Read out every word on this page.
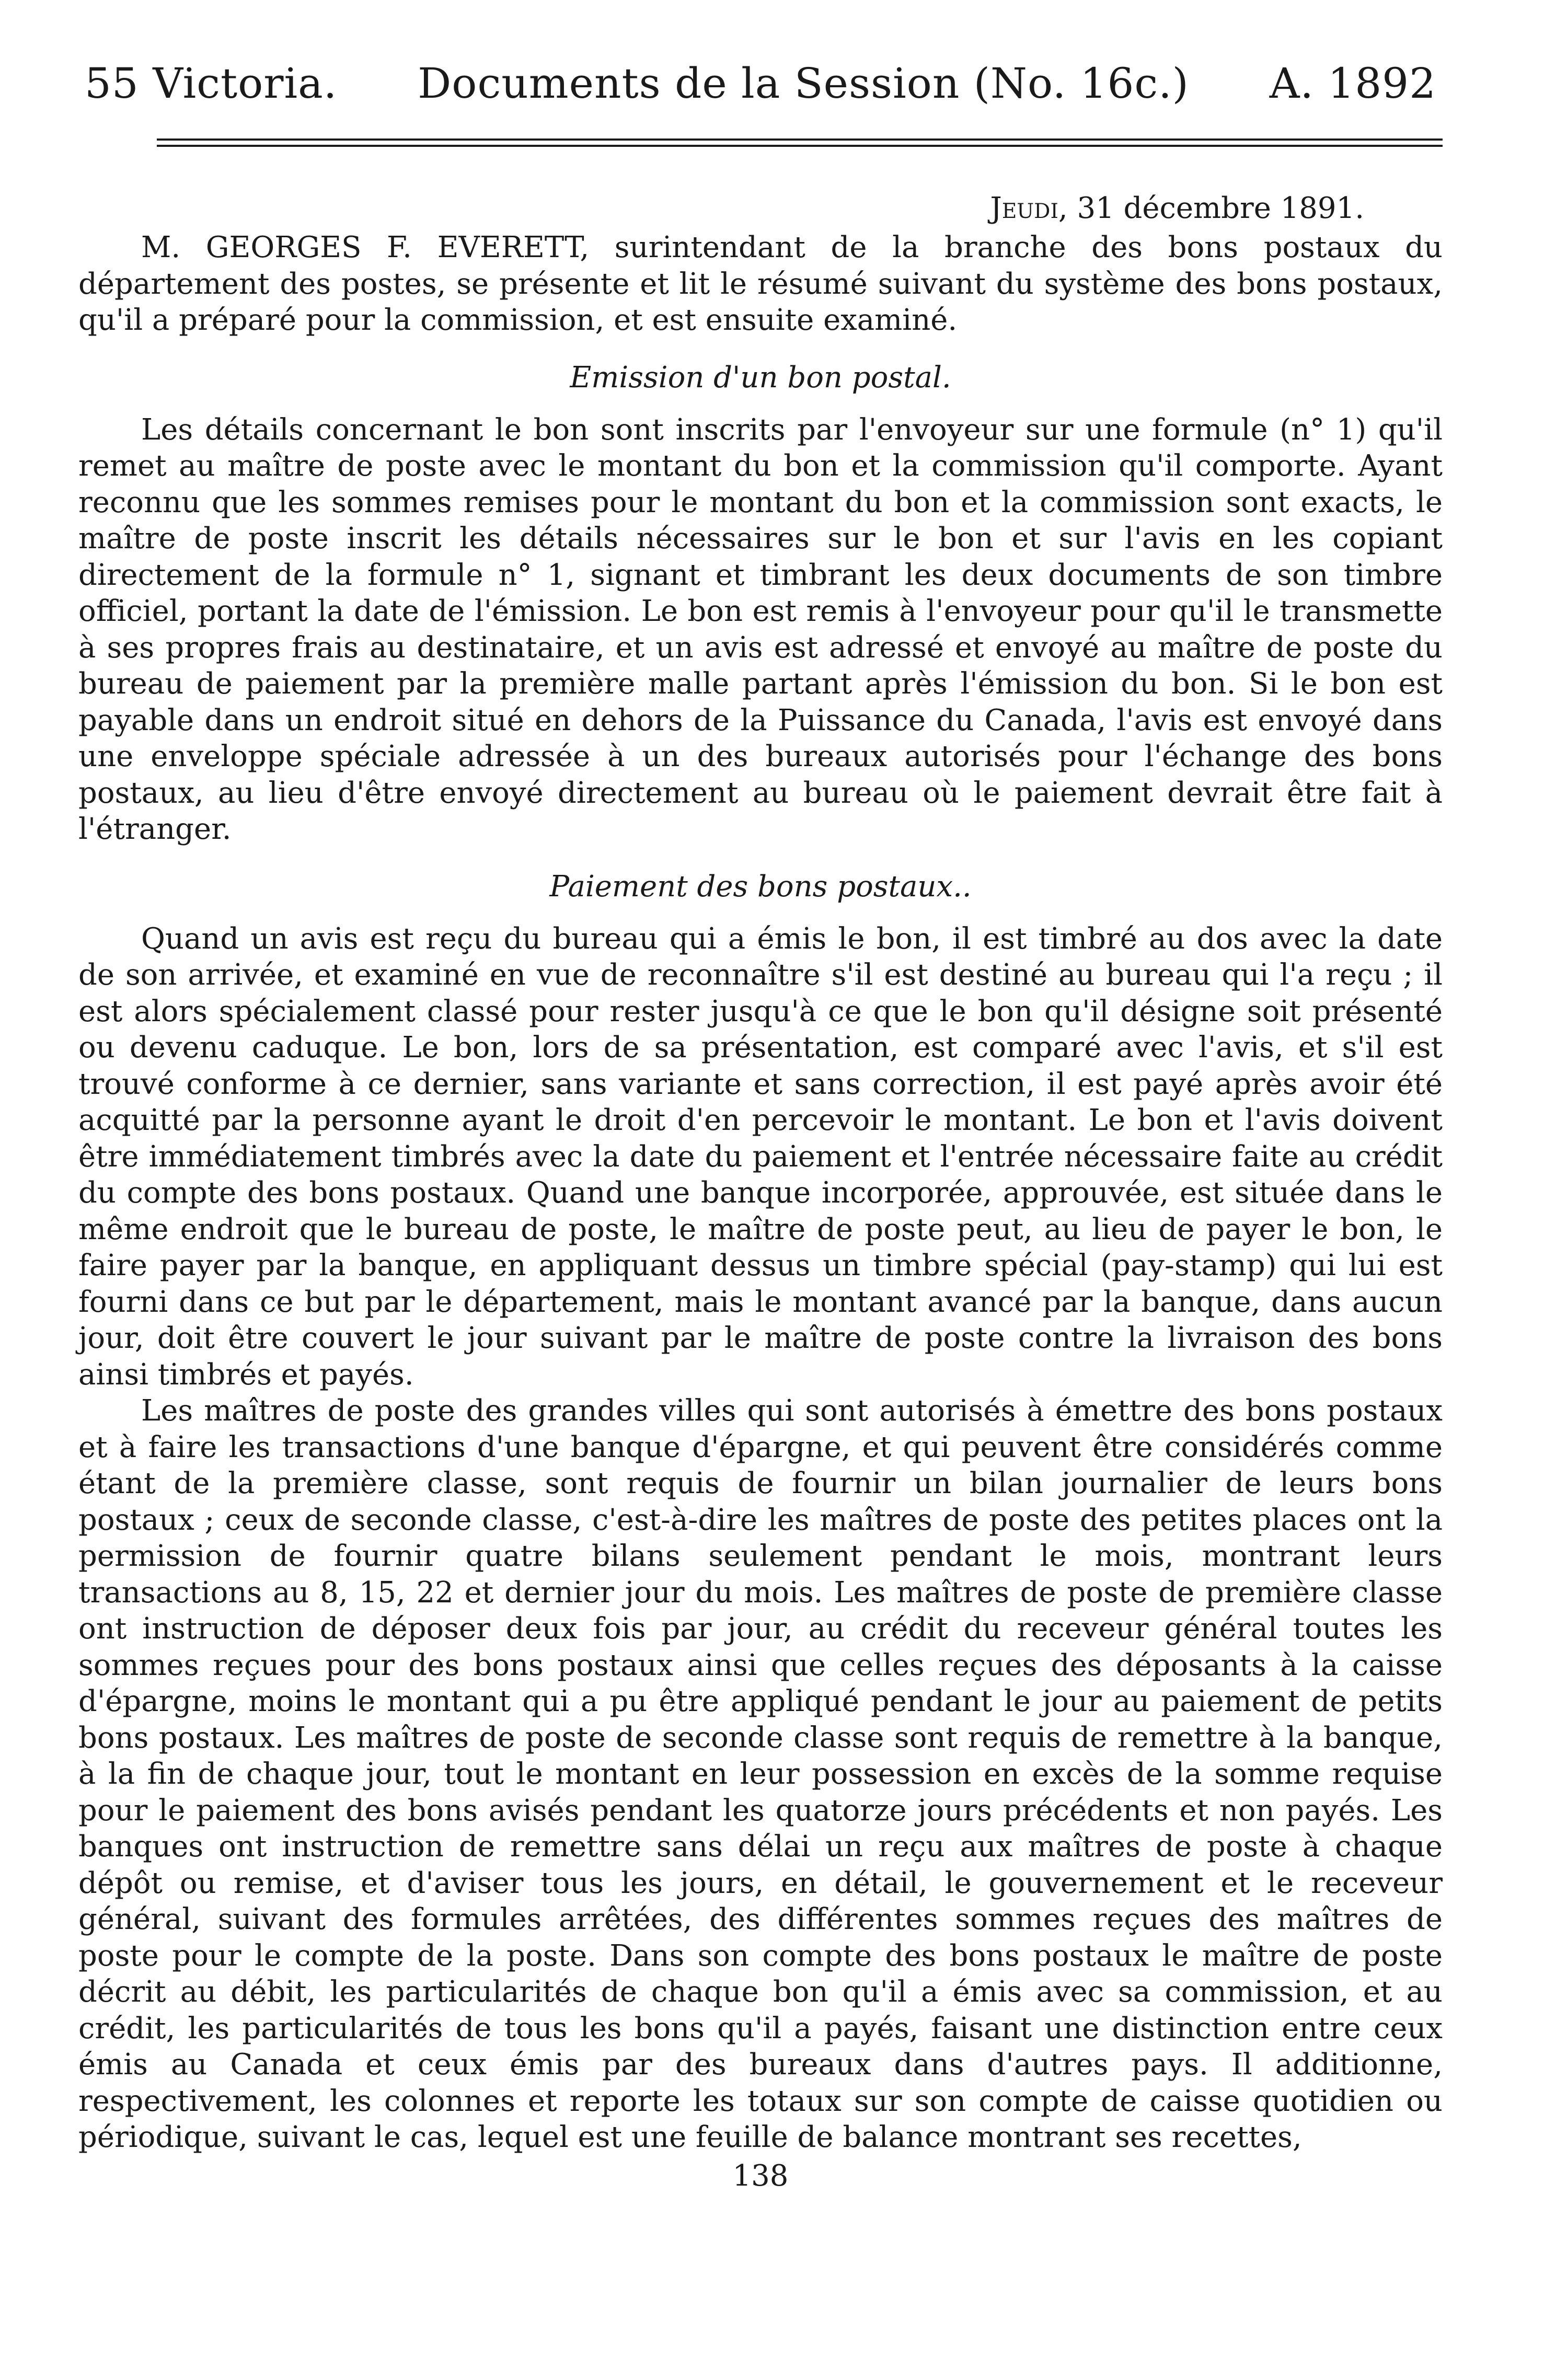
55 Victoria. Documents de la Session (No. 16c.) A. 1892
Jeudi, 31 décembre 1891.

M. GEORGES F. EVERETT, surintendant de la branche des bons postaux du département des postes, se présente et lit le résumé suivant du système des bons postaux, qu'il a préparé pour la commission, et est ensuite examiné.

Emission d'un bon postal.

Les détails concernant le bon sont inscrits par l'envoyeur sur une formule (n° 1) qu'il remet au maître de poste avec le montant du bon et la commission qu'il comporte. Ayant reconnu que les sommes remises pour le montant du bon et la commission sont exacts, le maître de poste inscrit les détails nécessaires sur le bon et sur l'avis en les copiant directement de la formule n° 1, signant et timbrant les deux documents de son timbre officiel, portant la date de l'émission. Le bon est remis à l'envoyeur pour qu'il le transmette à ses propres frais au destinataire, et un avis est adressé et envoyé au maître de poste du bureau de paiement par la première malle partant après l'émission du bon. Si le bon est payable dans un endroit situé en dehors de la Puissance du Canada, l'avis est envoyé dans une enveloppe spéciale adressée à un des bureaux autorisés pour l'échange des bons postaux, au lieu d'être envoyé directement au bureau où le paiement devrait être fait à l'étranger.

Paiement des bons postaux..

Quand un avis est reçu du bureau qui a émis le bon, il est timbré au dos avec la date de son arrivée, et examiné en vue de reconnaître s'il est destiné au bureau qui l'a reçu ; il est alors spécialement classé pour rester jusqu'à ce que le bon qu'il désigne soit présenté ou devenu caduque. Le bon, lors de sa présentation, est comparé avec l'avis, et s'il est trouvé conforme à ce dernier, sans variante et sans correction, il est payé après avoir été acquitté par la personne ayant le droit d'en percevoir le montant. Le bon et l'avis doivent être immédiatement timbrés avec la date du paiement et l'entrée nécessaire faite au crédit du compte des bons postaux. Quand une banque incorporée, approuvée, est située dans le même endroit que le bureau de poste, le maître de poste peut, au lieu de payer le bon, le faire payer par la banque, en appliquant dessus un timbre spécial (pay-stamp) qui lui est fourni dans ce but par le département, mais le montant avancé par la banque, dans aucun jour, doit être couvert le jour suivant par le maître de poste contre la livraison des bons ainsi timbrés et payés.

Les maîtres de poste des grandes villes qui sont autorisés à émettre des bons postaux et à faire les transactions d'une banque d'épargne, et qui peuvent être considérés comme étant de la première classe, sont requis de fournir un bilan journalier de leurs bons postaux ; ceux de seconde classe, c'est-à-dire les maîtres de poste des petites places ont la permission de fournir quatre bilans seulement pendant le mois, montrant leurs transactions au 8, 15, 22 et dernier jour du mois. Les maîtres de poste de première classe ont instruction de déposer deux fois par jour, au crédit du receveur général toutes les sommes reçues pour des bons postaux ainsi que celles reçues des déposants à la caisse d'épargne, moins le montant qui a pu être appliqué pendant le jour au paiement de petits bons postaux. Les maîtres de poste de seconde classe sont requis de remettre à la banque, à la fin de chaque jour, tout le montant en leur possession en excès de la somme requise pour le paiement des bons avisés pendant les quatorze jours précédents et non payés. Les banques ont instruction de remettre sans délai un reçu aux maîtres de poste à chaque dépôt ou remise, et d'aviser tous les jours, en détail, le gouvernement et le receveur général, suivant des formules arrêtées, des différentes sommes reçues des maîtres de poste pour le compte de la poste. Dans son compte des bons postaux le maître de poste décrit au débit, les particularités de chaque bon qu'il a émis avec sa commission, et au crédit, les particularités de tous les bons qu'il a payés, faisant une distinction entre ceux émis au Canada et ceux émis par des bureaux dans d'autres pays. Il additionne, respectivement, les colonnes et reporte les totaux sur son compte de caisse quotidien ou périodique, suivant le cas, lequel est une feuille de balance montrant ses recettes,

138
